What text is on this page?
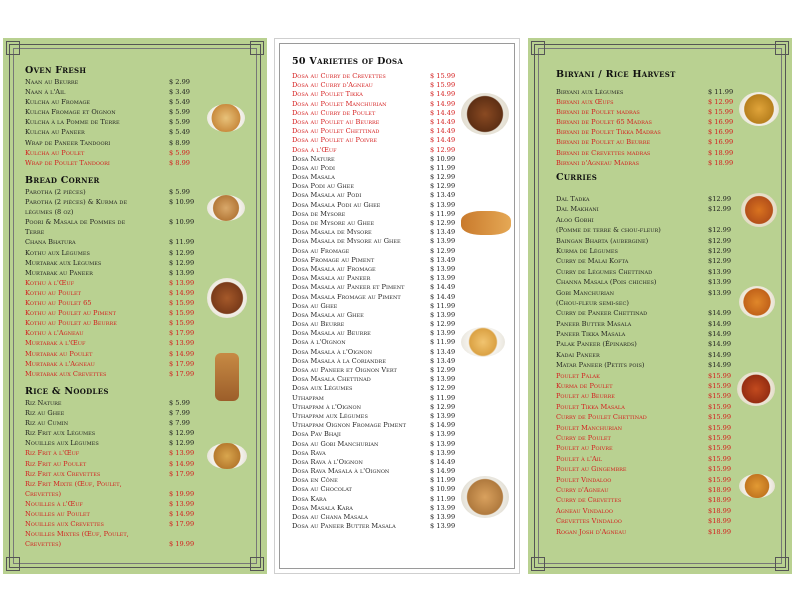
Oven Fresh
Naan au Beurre	$ 2.99
Naan à l'Ail	$ 3.49
Kulcha au Fromage	$ 5.49
Kulcha Fromage et Oignon	$ 5.99
Kulcha à la Pomme de Terre	$ 5.99
Kulcha au Paneer	$ 5.49
Wrap de Paneer Tandoori	$ 8.99
Kulcha au Poulet	$ 5.99
Wrap de Poulet Tandoori	$ 8.99
Bread Corner
Parotha (2 pièces)	$ 5.99
Parotha (2 pièces) & Kurma de	$ 10.99
légumes (8 oz)
Poori & Masala de Pommes de	$ 10.99
Terre
Chana Bhatura	$ 11.99
Kothu aux Légumes	$ 12.99
Murtabak aux Légumes	$ 12.99
Murtabak au Paneer	$ 13.99
Kothu à l'Œuf	$ 13.99
Kothu au Poulet	$ 14.99
Kothu au Poulet 65	$ 15.99
Kothu au Poulet au Piment	$ 15.99
Kothu au Poulet au Beurre	$ 15.99
Kothu à l'Agneau	$ 17.99
Murtabak à l'Œuf	$ 13.99
Murtabak au Poulet	$ 14.99
Murtabak à l'Agneau	$ 17.99
Murtabak aux Crevettes	$ 17.99
Rice & Noodles
Riz Nature	$ 5.99
Riz au Ghee	$ 7.99
Riz au Cumin	$ 7.99
Riz Frit aux Légumes	$ 12.99
Nouilles aux Légumes	$ 12.99
Riz Frit à l'Œuf	$ 13.99
Riz Frit au Poulet	$ 14.99
Riz Frit aux Crevettes	$ 17.99
Riz Frit Mixte (Œuf, Poulet,
Crevettes)	$ 19.99
Nouilles à l'Œuf	$ 13.99
Nouilles au Poulet	$ 14.99
Nouilles aux Crevettes	$ 17.99
Nouilles Mixtes (Œuf, Poulet,
Crevettes)	$ 19.99
50 Varieties of Dosa
Dosa au Curry de Crevettes	$ 15.99
Dosa au Curry d'Agneau	$ 15.99
Dosa au Poulet Tikka	$ 14.99
Dosa au Poulet Manchurian	$ 14.99
Dosa au Curry de Poulet	$ 14.49
Dosa au Poulet au Beurre	$ 14.49
Dosa au Poulet Chettinad	$ 14.49
Dosa au Poulet au Poivre	$ 14.49
Dosa à l'Œuf	$ 12.99
Dosa Nature	$ 10.99
Dosa au Podi	$ 11.99
Dosa Masala	$ 12.99
Dosa Podi au Ghee	$ 12.99
Dosa Masala au Podi	$ 13.49
Dosa Masala Podi au Ghee	$ 13.99
Dosa de Mysore	$ 11.99
Dosa de Mysore au Ghee	$ 12.99
Dosa Masala de Mysore	$ 13.49
Dosa Masala de Mysore au Ghee	$ 13.99
Dosa au Fromage	$ 12.99
Dosa Fromage au Piment	$ 13.49
Dosa Masala au Fromage	$ 13.99
Dosa Masala au Paneer	$ 13.99
Dosa Masala au Paneer et Piment	$ 14.49
Dosa Masala Fromage au Piment	$ 14.49
Dosa au Ghee	$ 11.99
Dosa Masala au Ghee	$ 13.99
Dosa au Beurre	$ 12.99
Dosa Masala au Beurre	$ 13.99
Dosa à l'Oignon	$ 11.99
Dosa Masala à l'Oignon	$ 13.49
Dosa Masala à la Coriandre	$ 13.49
Dosa au Paneer et Oignon Vert	$ 12.99
Dosa Masala Chettinad	$ 13.99
Dosa aux Légumes	$ 12.99
Uthappam	$ 11.99
Uthappam à l'Oignon	$ 12.99
Uthappam aux Légumes	$ 13.99
Uthappam Oignon Fromage Piment	$ 14.99
Dosa Pav Bhaji	$ 13.99
Dosa au Gobi Manchurian	$ 13.99
Dosa Rava	$ 13.99
Dosa Rava à l'Oignon	$ 14.49
Dosa Rava Masala à l'Oignon	$ 14.99
Dosa en Cône	$ 11.99
Dosa au Chocolat	$ 10.99
Dosa Kara	$ 11.99
Dosa Masala Kara	$ 13.99
Dosa au Chana Masala	$ 13.99
Dosa au Paneer Butter Masala	$ 13.99
Biryani / Rice Harvest
Biryani aux Légumes	$ 11.99
Biryani aux Œufs	$ 12.99
Biryani de Poulet madras	$ 15.99
Biryani de Poulet 65 Madras	$ 16.99
Biryani de Poulet Tikka Madras	$ 16.99
Biryani de Poulet au Beurre	$ 16.99
Biryani de Crevettes madras	$ 18.99
Biryani d'Agneau Madras	$ 18.99
Curries
Dal Tadka	$12.99
Dal Makhani	$12.99
Aloo Gobhi
(Pomme de terre & chou-fleur)	$12.99
Baingan Bharta (aubergine)	$12.99
Kurma de Légumes	$12.99
Curry de Malai Kofta	$12.99
Curry de Légumes Chettinad	$13.99
Channa Masala (Pois chiches)	$13.99
Gobi Manchurian	$13.99
(Chou-fleur semi-sec)
Curry de Paneer Chettinad	$14.99
Paneer Butter Masala	$14.99
Paneer Tikka Masala	$14.99
Palak Paneer (Épinards)	$14.99
Kadai Paneer	$14.99
Matar Paneer (Petits pois)	$14.99
Poulet Palak	$15.99
Kurma de Poulet	$15.99
Poulet au Beurre	$15.99
Poulet Tikka Masala	$15.99
Curry de Poulet Chettinad	$15.99
Poulet Manchurian	$15.99
Curry de Poulet	$15.99
Poulet au Poivre	$15.99
Poulet à l'Ail	$15.99
Poulet au Gingembre	$15.99
Poulet Vindaloo	$15.99
Curry d'Agneau	$18.99
Curry de Crevettes	$18.99
Agneau Vindaloo	$18.99
Crevettes Vindaloo	$18.99
Rogan Josh d'Agneau	$18.99
